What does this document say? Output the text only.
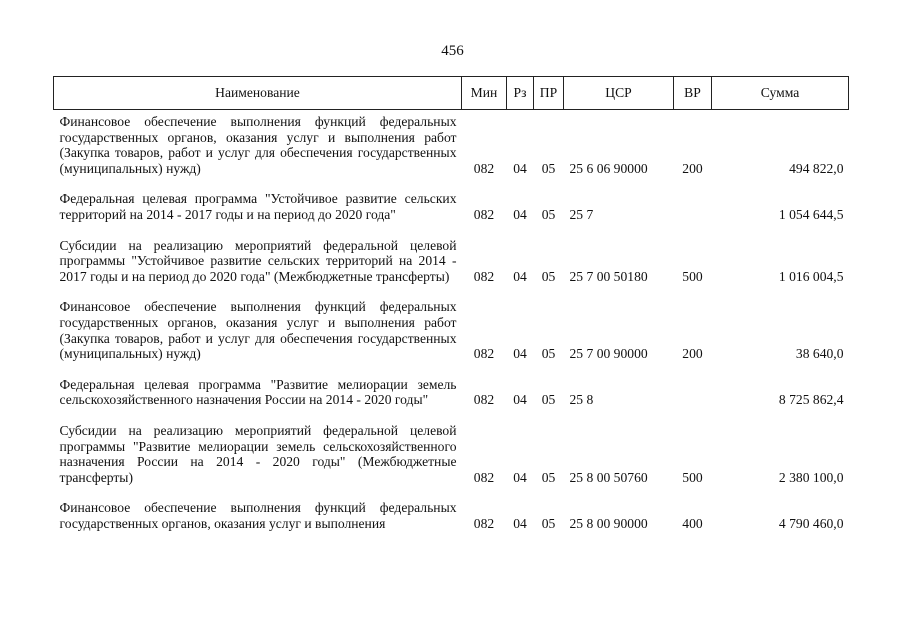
456
Наименование	Мин	Рз	ПР	ЦСР	ВР	Сумма
Финансовое обеспечение выполнения функций федеральных государственных органов, оказания услуг и выполнения работ (Закупка товаров, работ и услуг для обеспечения государственных (муниципальных) нужд)	082	04	05	25 6 06 90000	200	494 822,0
Федеральная целевая программа "Устойчивое развитие сельских территорий на 2014 - 2017 годы и на период до 2020 года"	082	04	05	25 7		1 054 644,5
Субсидии на реализацию мероприятий федеральной целевой программы "Устойчивое развитие сельских территорий на 2014 - 2017 годы и на период до 2020 года" (Межбюджетные трансферты)	082	04	05	25 7 00 50180	500	1 016 004,5
Финансовое обеспечение выполнения функций федеральных государственных органов, оказания услуг и выполнения работ (Закупка товаров, работ и услуг для обеспечения государственных (муниципальных) нужд)	082	04	05	25 7 00 90000	200	38 640,0
Федеральная целевая программа "Развитие мелиорации земель сельскохозяйственного назначения России на 2014 - 2020 годы"	082	04	05	25 8		8 725 862,4
Субсидии на реализацию мероприятий федеральной целевой программы "Развитие мелиорации земель сельскохозяйственного назначения России на 2014 - 2020 годы" (Межбюджетные трансферты)	082	04	05	25 8 00 50760	500	2 380 100,0
Финансовое обеспечение выполнения функций федеральных государственных органов, оказания услуг и выполнения	082	04	05	25 8 00 90000	400	4 790 460,0
